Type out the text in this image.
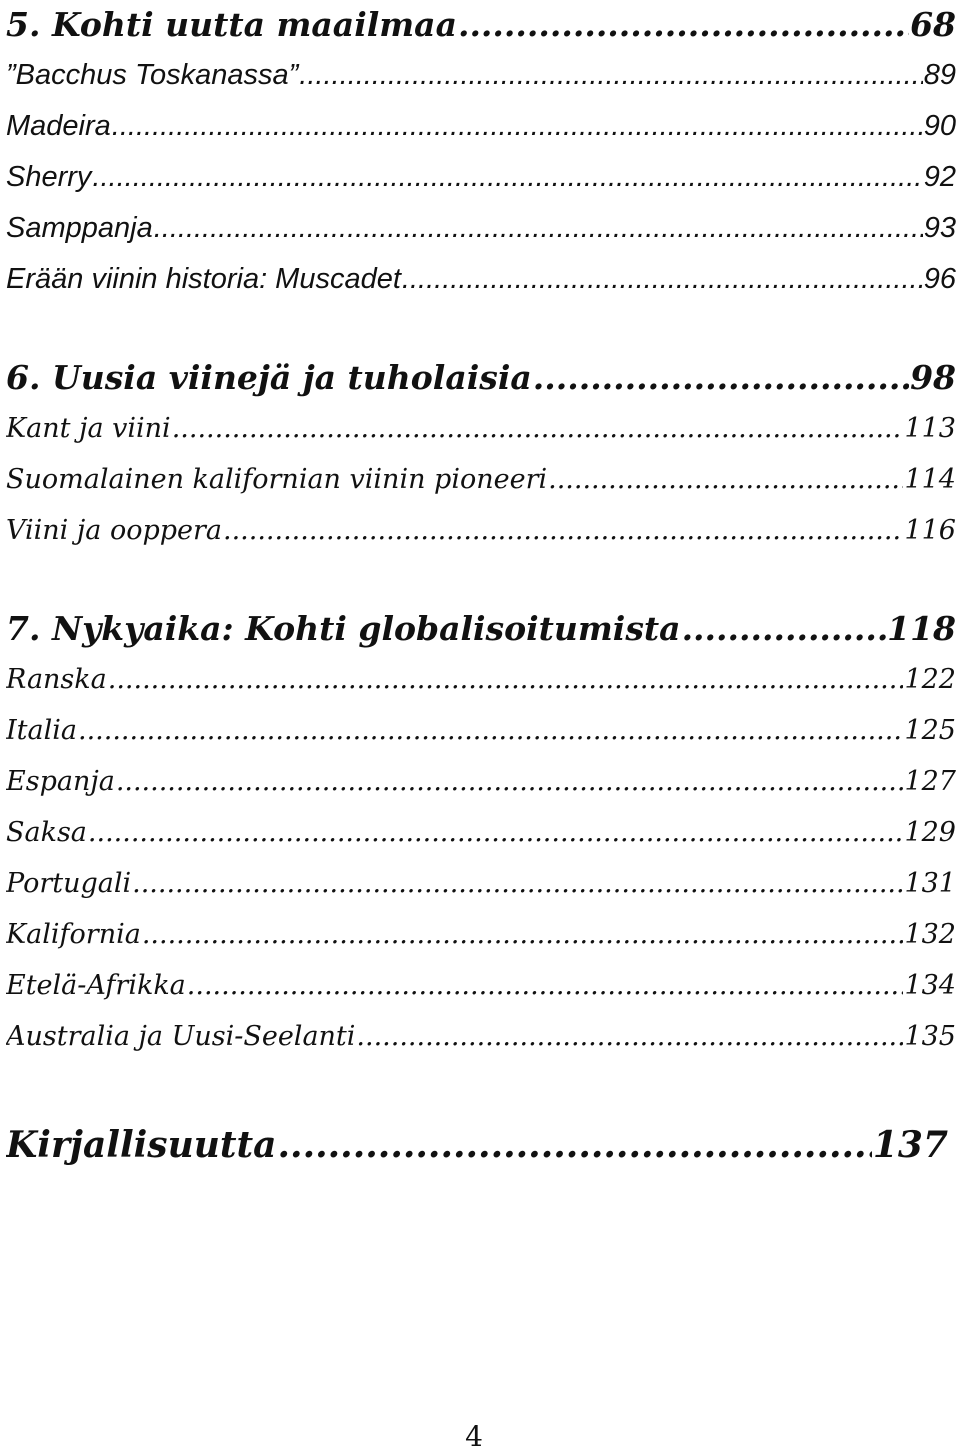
5. Kohti uutta maailmaa .....	68
”Bacchus Toskanassa” .....	89
Madeira .....	90
Sherry .....	92
Samppanja .....	93
Erään viinin historia: Muscadet .....	96
6. Uusia viinejä ja tuholaisia .....	98
Kant ja viini .....	113
Suomalainen kalifornian viinin pioneeri .....	114
Viini ja ooppera .....	116
7. Nykyaika: Kohti globalisoitumista .....	118
Ranska .....	122
Italia .....	125
Espanja .....	127
Saksa .....	129
Portugali .....	131
Kalifornia .....	132
Etelä-Afrikka .....	134
Australia ja Uusi-Seelanti .....	135
Kirjallisuutta .....	137
4
